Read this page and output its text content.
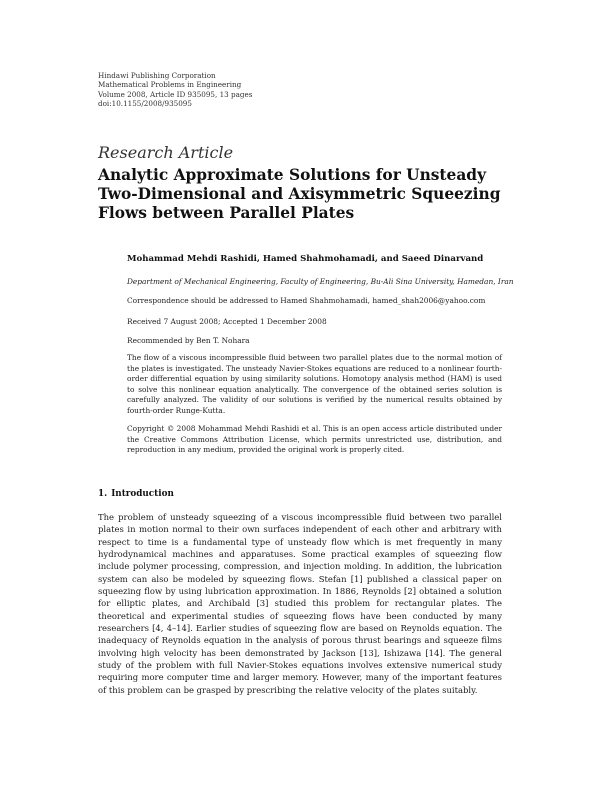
Hindawi Publishing Corporation
Mathematical Problems in Engineering
Volume 2008, Article ID 935095, 13 pages
doi:10.1155/2008/935095
Research Article
Analytic Approximate Solutions for Unsteady
Two-Dimensional and Axisymmetric Squeezing
Flows between Parallel Plates
Mohammad Mehdi Rashidi, Hamed Shahmohamadi, and Saeed Dinarvand
Department of Mechanical Engineering, Faculty of Engineering, Bu-Ali Sina University, Hamedan, Iran
Correspondence should be addressed to Hamed Shahmohamadi, hamed_shah2006@yahoo.com
Received 7 August 2008; Accepted 1 December 2008
Recommended by Ben T. Nohara
The flow of a viscous incompressible fluid between two parallel plates due to the normal motion of the plates is investigated. The unsteady Navier-Stokes equations are reduced to a nonlinear fourth-order differential equation by using similarity solutions. Homotopy analysis method (HAM) is used to solve this nonlinear equation analytically. The convergence of the obtained series solution is carefully analyzed. The validity of our solutions is verified by the numerical results obtained by fourth-order Runge-Kutta.
Copyright © 2008 Mohammad Mehdi Rashidi et al. This is an open access article distributed under the Creative Commons Attribution License, which permits unrestricted use, distribution, and reproduction in any medium, provided the original work is properly cited.
1. Introduction
The problem of unsteady squeezing of a viscous incompressible fluid between two parallel plates in motion normal to their own surfaces independent of each other and arbitrary with respect to time is a fundamental type of unsteady flow which is met frequently in many hydrodynamical machines and apparatuses. Some practical examples of squeezing flow include polymer processing, compression, and injection molding. In addition, the lubrication system can also be modeled by squeezing flows. Stefan [1] published a classical paper on squeezing flow by using lubrication approximation. In 1886, Reynolds [2] obtained a solution for elliptic plates, and Archibald [3] studied this problem for rectangular plates. The theoretical and experimental studies of squeezing flows have been conducted by many researchers [4, 4–14]. Earlier studies of squeezing flow are based on Reynolds equation. The inadequacy of Reynolds equation in the analysis of porous thrust bearings and squeeze films involving high velocity has been demonstrated by Jackson [13], Ishizawa [14]. The general study of the problem with full Navier-Stokes equations involves extensive numerical study requiring more computer time and larger memory. However, many of the important features of this problem can be grasped by prescribing the relative velocity of the plates suitably.
